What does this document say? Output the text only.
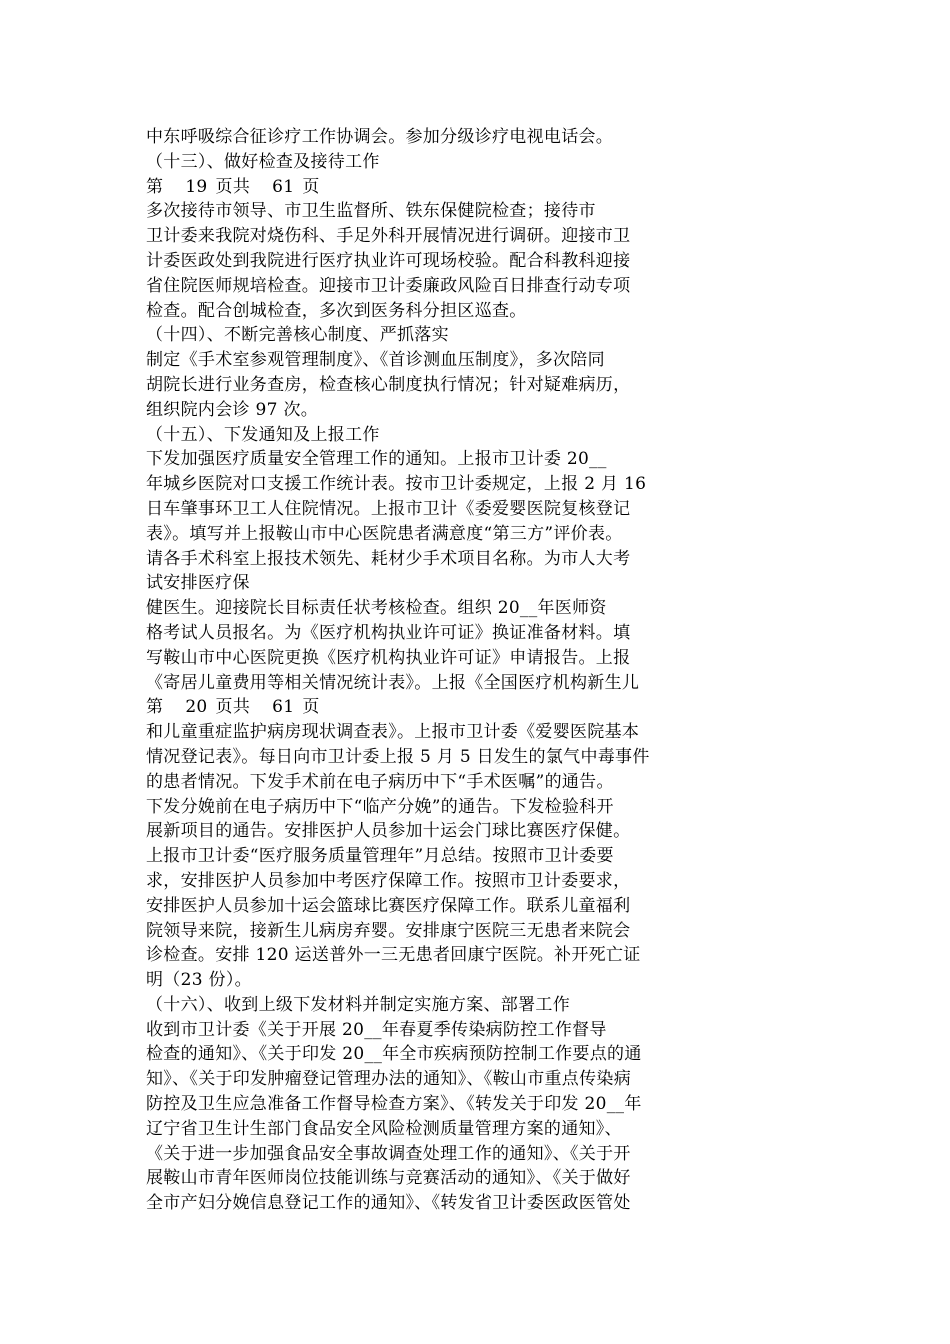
中东呼吸综合征诊疗工作协调会。参加分级诊疗电视电话会。
（十三）、做好检查及接待工作
第 19 页共 61 页
多次接待市领导、市卫生监督所、铁东保健院检查；接待市
卫计委来我院对烧伤科、手足外科开展情况进行调研。迎接市卫
计委医政处到我院进行医疗执业许可现场校验。配合科教科迎接
省住院医师规培检查。迎接市卫计委廉政风险百日排查行动专项
检查。配合创城检查，多次到医务科分担区巡查。
（十四）、不断完善核心制度、严抓落实
制定《手术室参观管理制度》、《首诊测血压制度》，多次陪同
胡院长进行业务查房，检查核心制度执行情况；针对疑难病历，
组织院内会诊 97 次。
（十五）、下发通知及上报工作
下发加强医疗质量安全管理工作的通知。上报市卫计委 20__
年城乡医院对口支援工作统计表。按市卫计委规定，上报 2 月 16
日车肇事环卫工人住院情况。上报市卫计《委爱婴医院复核登记
表》。填写并上报鞍山市中心医院患者满意度“第三方”评价表。
请各手术科室上报技术领先、耗材少手术项目名称。为市人大考
试安排医疗保
健医生。迎接院长目标责任状考核检查。组织 20__年医师资
格考试人员报名。为《医疗机构执业许可证》换证准备材料。填
写鞍山市中心医院更换《医疗机构执业许可证》申请报告。上报
《寄居儿童费用等相关情况统计表》。上报《全国医疗机构新生儿
第 20 页共 61 页
和儿童重症监护病房现状调查表》。上报市卫计委《爱婴医院基本
情况登记表》。每日向市卫计委上报 5 月 5 日发生的氯气中毒事件
的患者情况。下发手术前在电子病历中下“手术医嘱”的通告。
下发分娩前在电子病历中下“临产分娩”的通告。下发检验科开
展新项目的通告。安排医护人员参加十运会门球比赛医疗保健。
上报市卫计委“医疗服务质量管理年”月总结。按照市卫计委要
求，安排医护人员参加中考医疗保障工作。按照市卫计委要求，
安排医护人员参加十运会篮球比赛医疗保障工作。联系儿童福利
院领导来院，接新生儿病房弃婴。安排康宁医院三无患者来院会
诊检查。安排 120 运送普外一三无患者回康宁医院。补开死亡证
明（23 份）。
（十六）、收到上级下发材料并制定实施方案、部署工作
收到市卫计委《关于开展 20__年春夏季传染病防控工作督导
检查的通知》、《关于印发 20__年全市疾病预防控制工作要点的通
知》、《关于印发肿瘤登记管理办法的通知》、《鞍山市重点传染病
防控及卫生应急准备工作督导检查方案》、《转发关于印发 20__年
辽宁省卫生计生部门食品安全风险检测质量管理方案的通知》、
《关于进一步加强食品安全事故调查处理工作的通知》、《关于开
展鞍山市青年医师岗位技能训练与竞赛活动的通知》、《关于做好
全市产妇分娩信息登记工作的通知》、《转发省卫计委医政医管处
